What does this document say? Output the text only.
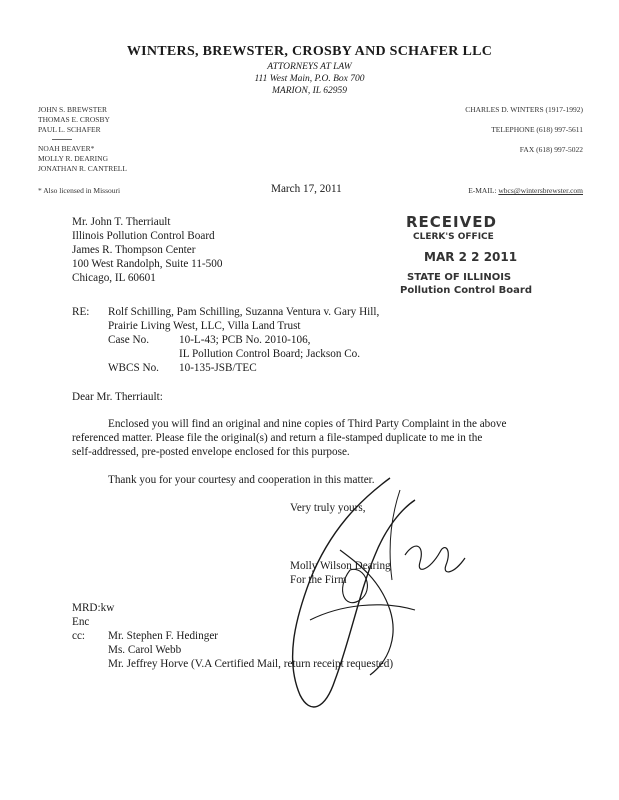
WINTERS, BREWSTER, CROSBY AND SCHAFER LLC
ATTORNEYS AT LAW
111 West Main, P.O. Box 700
MARION, IL 62959
JOHN S. BREWSTER
THOMAS E. CROSBY
PAUL L. SCHAFER
NOAH BEAVER*
MOLLY R. DEARING
JONATHAN R. CANTRELL
* Also licensed in Missouri
CHARLES D. WINTERS (1917-1992)
TELEPHONE (618) 997-5611
FAX (618) 997-5022
E-MAIL: wbcs@wintersbrewster.com
March 17, 2011
Mr. John T. Therriault
Illinois Pollution Control Board
James R. Thompson Center
100 West Randolph, Suite 11-500
Chicago, IL 60601
RECEIVED
CLERK'S OFFICE
MAR 2 2 2011
STATE OF ILLINOIS
Pollution Control Board
RE: Rolf Schilling, Pam Schilling, Suzanna Ventura v. Gary Hill,
Prairie Living West, LLC, Villa Land Trust
Case No.	10-L-43; PCB No. 2010-106,
IL Pollution Control Board; Jackson Co.
WBCS No. 10-135-JSB/TEC
Dear Mr. Therriault:
Enclosed you will find an original and nine copies of Third Party Complaint in the above
referenced matter. Please file the original(s) and return a file-stamped duplicate to me in the
self-addressed, pre-posted envelope enclosed for this purpose.
Thank you for your courtesy and cooperation in this matter.
Very truly yours,
Molly Wilson Dearing
For the Firm
MRD:kw
Enc
cc: Mr. Stephen F. Hedinger
Ms. Carol Webb
Mr. Jeffrey Horve (V.A Certified Mail, return receipt requested)
